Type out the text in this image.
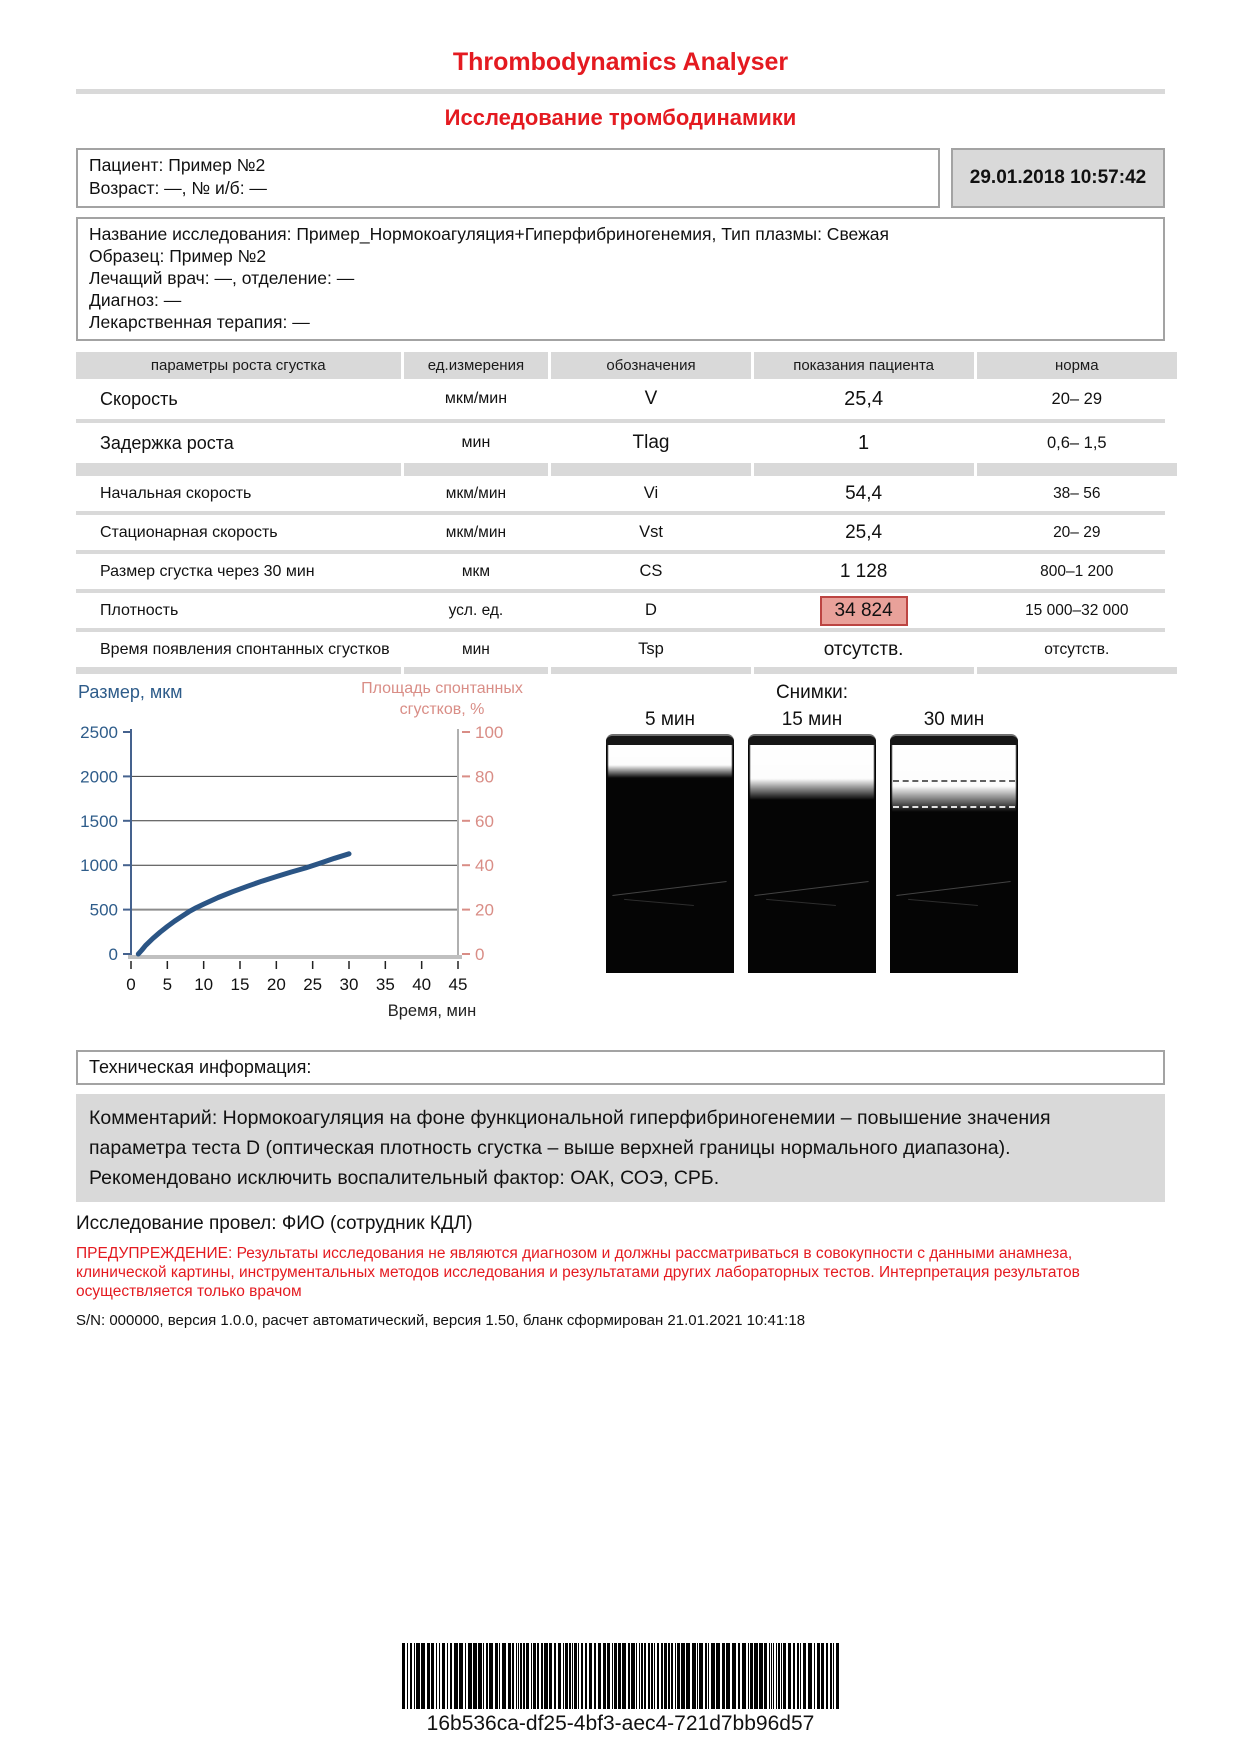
Thrombodynamics Analyser
Исследование тромбодинамики
Пациент: Пример №2
Возраст: —, № и/б: —	29.01.2018 10:57:42
Название исследования: Пример_Нормокоагуляция+Гиперфибриногенемия, Тип плазмы: Свежая
Образец: Пример №2
Лечащий врач: —, отделение: —
Диагноз: —
Лекарственная терапия: —
параметры роста сгустка	ед.измерения	обозначения	показания пациента	норма
Скорость	мкм/мин	V	25,4	20– 29
Задержка роста	мин	Tlag	1	0,6– 1,5
Начальная скорость	мкм/мин	Vi	54,4	38– 56
Стационарная скорость	мкм/мин	Vst	25,4	20– 29
Размер сгустка через 30 мин	мкм	CS	1 128	800–1 200
Плотность	усл. ед.	D	34 824	15 000–32 000
Время появления спонтанных сгустков	мин	Tsp	отсутств.	отсутств.
Размер, мкм	Площадь спонтанных
сгустков, %
0
500
1000
1500
2000
2500
0
20
40
60
80
100
0 5 10 15 20 25 30 35 40 45
Время, мин
Снимки:
5 мин	15 мин	30 мин
Техническая информация:
Комментарий: Нормокоагуляция на фоне функциональной гиперфибриногенемии – повышение значения параметра теста D (оптическая плотность сгустка – выше верхней границы нормального диапазона). Рекомендовано исключить воспалительный фактор: ОАК, СОЭ, СРБ.
Исследование провел: ФИО (сотрудник КДЛ)
ПРЕДУПРЕЖДЕНИЕ: Результаты исследования не являются диагнозом и должны рассматриваться в совокупности с данными анамнеза, клинической картины, инструментальных методов исследования и результатами других лабораторных тестов. Интерпретация результатов осуществляется только врачом
S/N: 000000, версия 1.0.0, расчет автоматический, версия 1.50, бланк сформирован 21.01.2021 10:41:18
16b536ca-df25-4bf3-aec4-721d7bb96d57
